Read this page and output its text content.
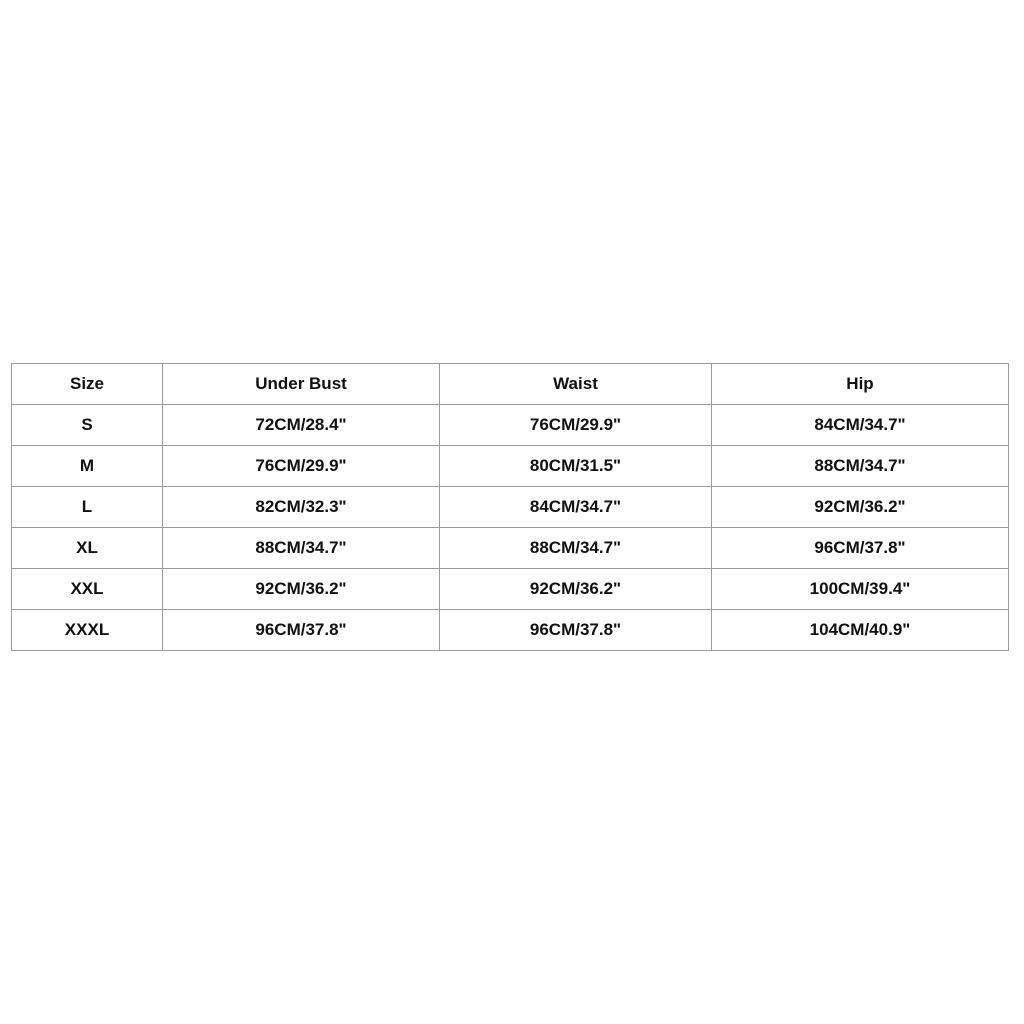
Size	Under Bust	Waist	Hip
S	72CM/28.4"	76CM/29.9"	84CM/34.7"
M	76CM/29.9"	80CM/31.5"	88CM/34.7"
L	82CM/32.3"	84CM/34.7"	92CM/36.2"
XL	88CM/34.7"	88CM/34.7"	96CM/37.8"
XXL	92CM/36.2"	92CM/36.2"	100CM/39.4"
XXXL	96CM/37.8"	96CM/37.8"	104CM/40.9"
